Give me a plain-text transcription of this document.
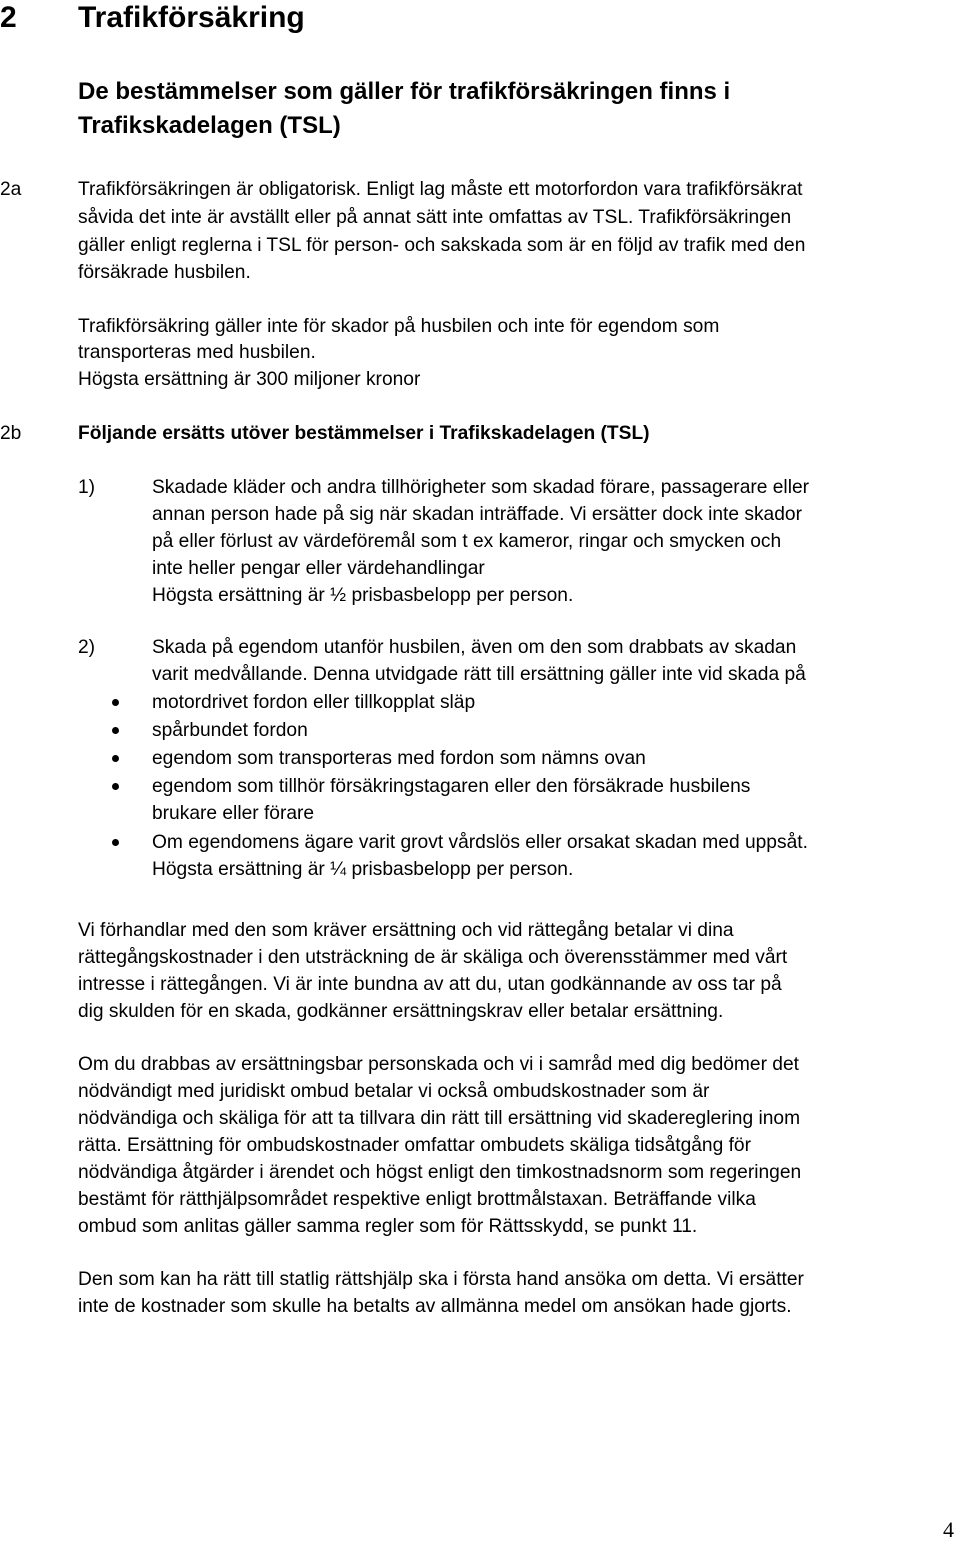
2 Trafikförsäkring
De bestämmelser som gäller för trafikförsäkringen finns i
Trafikskadelagen (TSL)
2a	Trafikförsäkringen är obligatorisk. Enligt lag måste ett motorfordon vara trafikförsäkrat
såvida det inte är avställt eller på annat sätt inte omfattas av TSL. Trafikförsäkringen
gäller enligt reglerna i TSL för person- och sakskada som är en följd av trafik med den
försäkrade husbilen.
Trafikförsäkring gäller inte för skador på husbilen och inte för egendom som
transporteras med husbilen.
Högsta ersättning är 300 miljoner kronor
2b	Följande ersätts utöver bestämmelser i Trafikskadelagen (TSL)
1)	Skadade kläder och andra tillhörigheter som skadad förare, passagerare eller
annan person hade på sig när skadan inträffade. Vi ersätter dock inte skador
på eller förlust av värdeföremål som t ex kameror, ringar och smycken och
inte heller pengar eller värdehandlingar
Högsta ersättning är ½ prisbasbelopp per person.
2)	Skada på egendom utanför husbilen, även om den som drabbats av skadan
varit medvållande. Denna utvidgade rätt till ersättning gäller inte vid skada på
motordrivet fordon eller tillkopplat släp
spårbundet fordon
egendom som transporteras med fordon som nämns ovan
egendom som tillhör försäkringstagaren eller den försäkrade husbilens
brukare eller förare
Om egendomens ägare varit grovt vårdslös eller orsakat skadan med uppsåt.
Högsta ersättning är ¼ prisbasbelopp per person.
Vi förhandlar med den som kräver ersättning och vid rättegång betalar vi dina
rättegångskostnader i den utsträckning de är skäliga och överensstämmer med vårt
intresse i rättegången. Vi är inte bundna av att du, utan godkännande av oss tar på
dig skulden för en skada, godkänner ersättningskrav eller betalar ersättning.
Om du drabbas av ersättningsbar personskada och vi i samråd med dig bedömer det
nödvändigt med juridiskt ombud betalar vi också ombudskostnader som är
nödvändiga och skäliga för att ta tillvara din rätt till ersättning vid skadereglering inom
rätta. Ersättning för ombudskostnader omfattar ombudets skäliga tidsåtgång för
nödvändiga åtgärder i ärendet och högst enligt den timkostnadsnorm som regeringen
bestämt för rätthjälpsområdet respektive enligt brottmålstaxan. Beträffande vilka
ombud som anlitas gäller samma regler som för Rättsskydd, se punkt 11.
Den som kan ha rätt till statlig rättshjälp ska i första hand ansöka om detta. Vi ersätter
inte de kostnader som skulle ha betalts av allmänna medel om ansökan hade gjorts.
4
